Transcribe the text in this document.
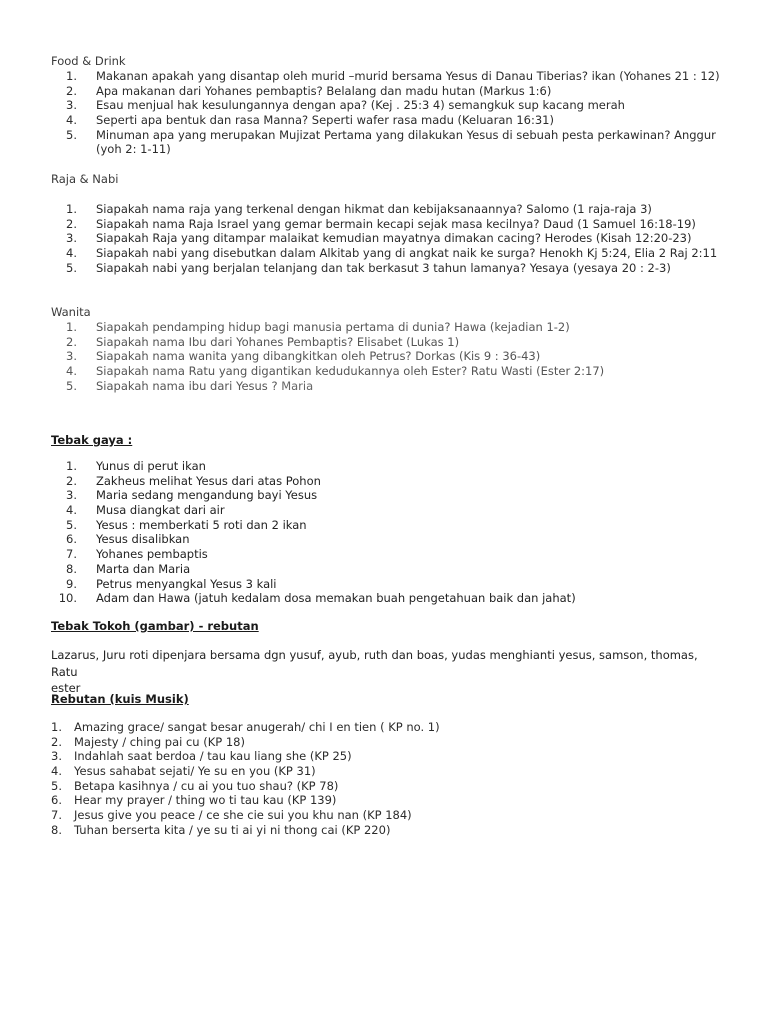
Food & Drink
1. Makanan apakah yang disantap oleh murid –murid bersama Yesus di Danau Tiberias? ikan (Yohanes 21 : 12)
2. Apa makanan dari Yohanes pembaptis? Belalang dan madu hutan (Markus 1:6)
3. Esau menjual hak kesulungannya dengan apa? (Kej . 25:3 4) semangkuk sup kacang merah
4. Seperti apa bentuk dan rasa Manna? Seperti wafer rasa madu (Keluaran 16:31)
5. Minuman apa yang merupakan Mujizat Pertama yang dilakukan Yesus di sebuah pesta perkawinan? Anggur
(yoh 2: 1-11)
Raja & Nabi
1. Siapakah nama raja yang terkenal dengan hikmat dan kebijaksanaannya? Salomo (1 raja-raja 3)
2. Siapakah nama Raja Israel yang gemar bermain kecapi sejak masa kecilnya? Daud (1 Samuel 16:18-19)
3. Siapakah Raja yang ditampar malaikat kemudian mayatnya dimakan cacing? Herodes (Kisah 12:20-23)
4. Siapakah nabi yang disebutkan dalam Alkitab yang di angkat naik ke surga? Henokh Kj 5:24, Elia 2 Raj 2:11
5. Siapakah nabi yang berjalan telanjang dan tak berkasut 3 tahun lamanya? Yesaya (yesaya 20 : 2-3)
Wanita
1. Siapakah pendamping hidup bagi manusia pertama di dunia? Hawa (kejadian 1-2)
2. Siapakah nama Ibu dari Yohanes Pembaptis? Elisabet (Lukas 1)
3. Siapakah nama wanita yang dibangkitkan oleh Petrus? Dorkas (Kis 9 : 36-43)
4. Siapakah nama Ratu yang digantikan kedudukannya oleh Ester? Ratu Wasti (Ester 2:17)
5. Siapakah nama ibu dari Yesus ? Maria
Tebak gaya :
1. Yunus di perut ikan
2. Zakheus melihat Yesus dari atas Pohon
3. Maria sedang mengandung bayi Yesus
4. Musa diangkat dari air
5. Yesus : memberkati 5 roti dan 2 ikan
6. Yesus disalibkan
7. Yohanes pembaptis
8. Marta dan Maria
9. Petrus menyangkal Yesus 3 kali
10. Adam dan Hawa (jatuh kedalam dosa memakan buah pengetahuan baik dan jahat)
Tebak Tokoh (gambar) - rebutan
Lazarus, Juru roti dipenjara bersama dgn yusuf, ayub, ruth dan boas, yudas menghianti yesus, samson, thomas, Ratu
ester
Rebutan (kuis Musik)
1. Amazing grace/ sangat besar anugerah/ chi I en tien ( KP no. 1)
2. Majesty / ching pai cu (KP 18)
3. Indahlah saat berdoa / tau kau liang she (KP 25)
4. Yesus sahabat sejati/ Ye su en you (KP 31)
5. Betapa kasihnya / cu ai you tuo shau? (KP 78)
6. Hear my prayer / thing wo ti tau kau (KP 139)
7. Jesus give you peace / ce she cie sui you khu nan (KP 184)
8. Tuhan berserta kita / ye su ti ai yi ni thong cai (KP 220)
